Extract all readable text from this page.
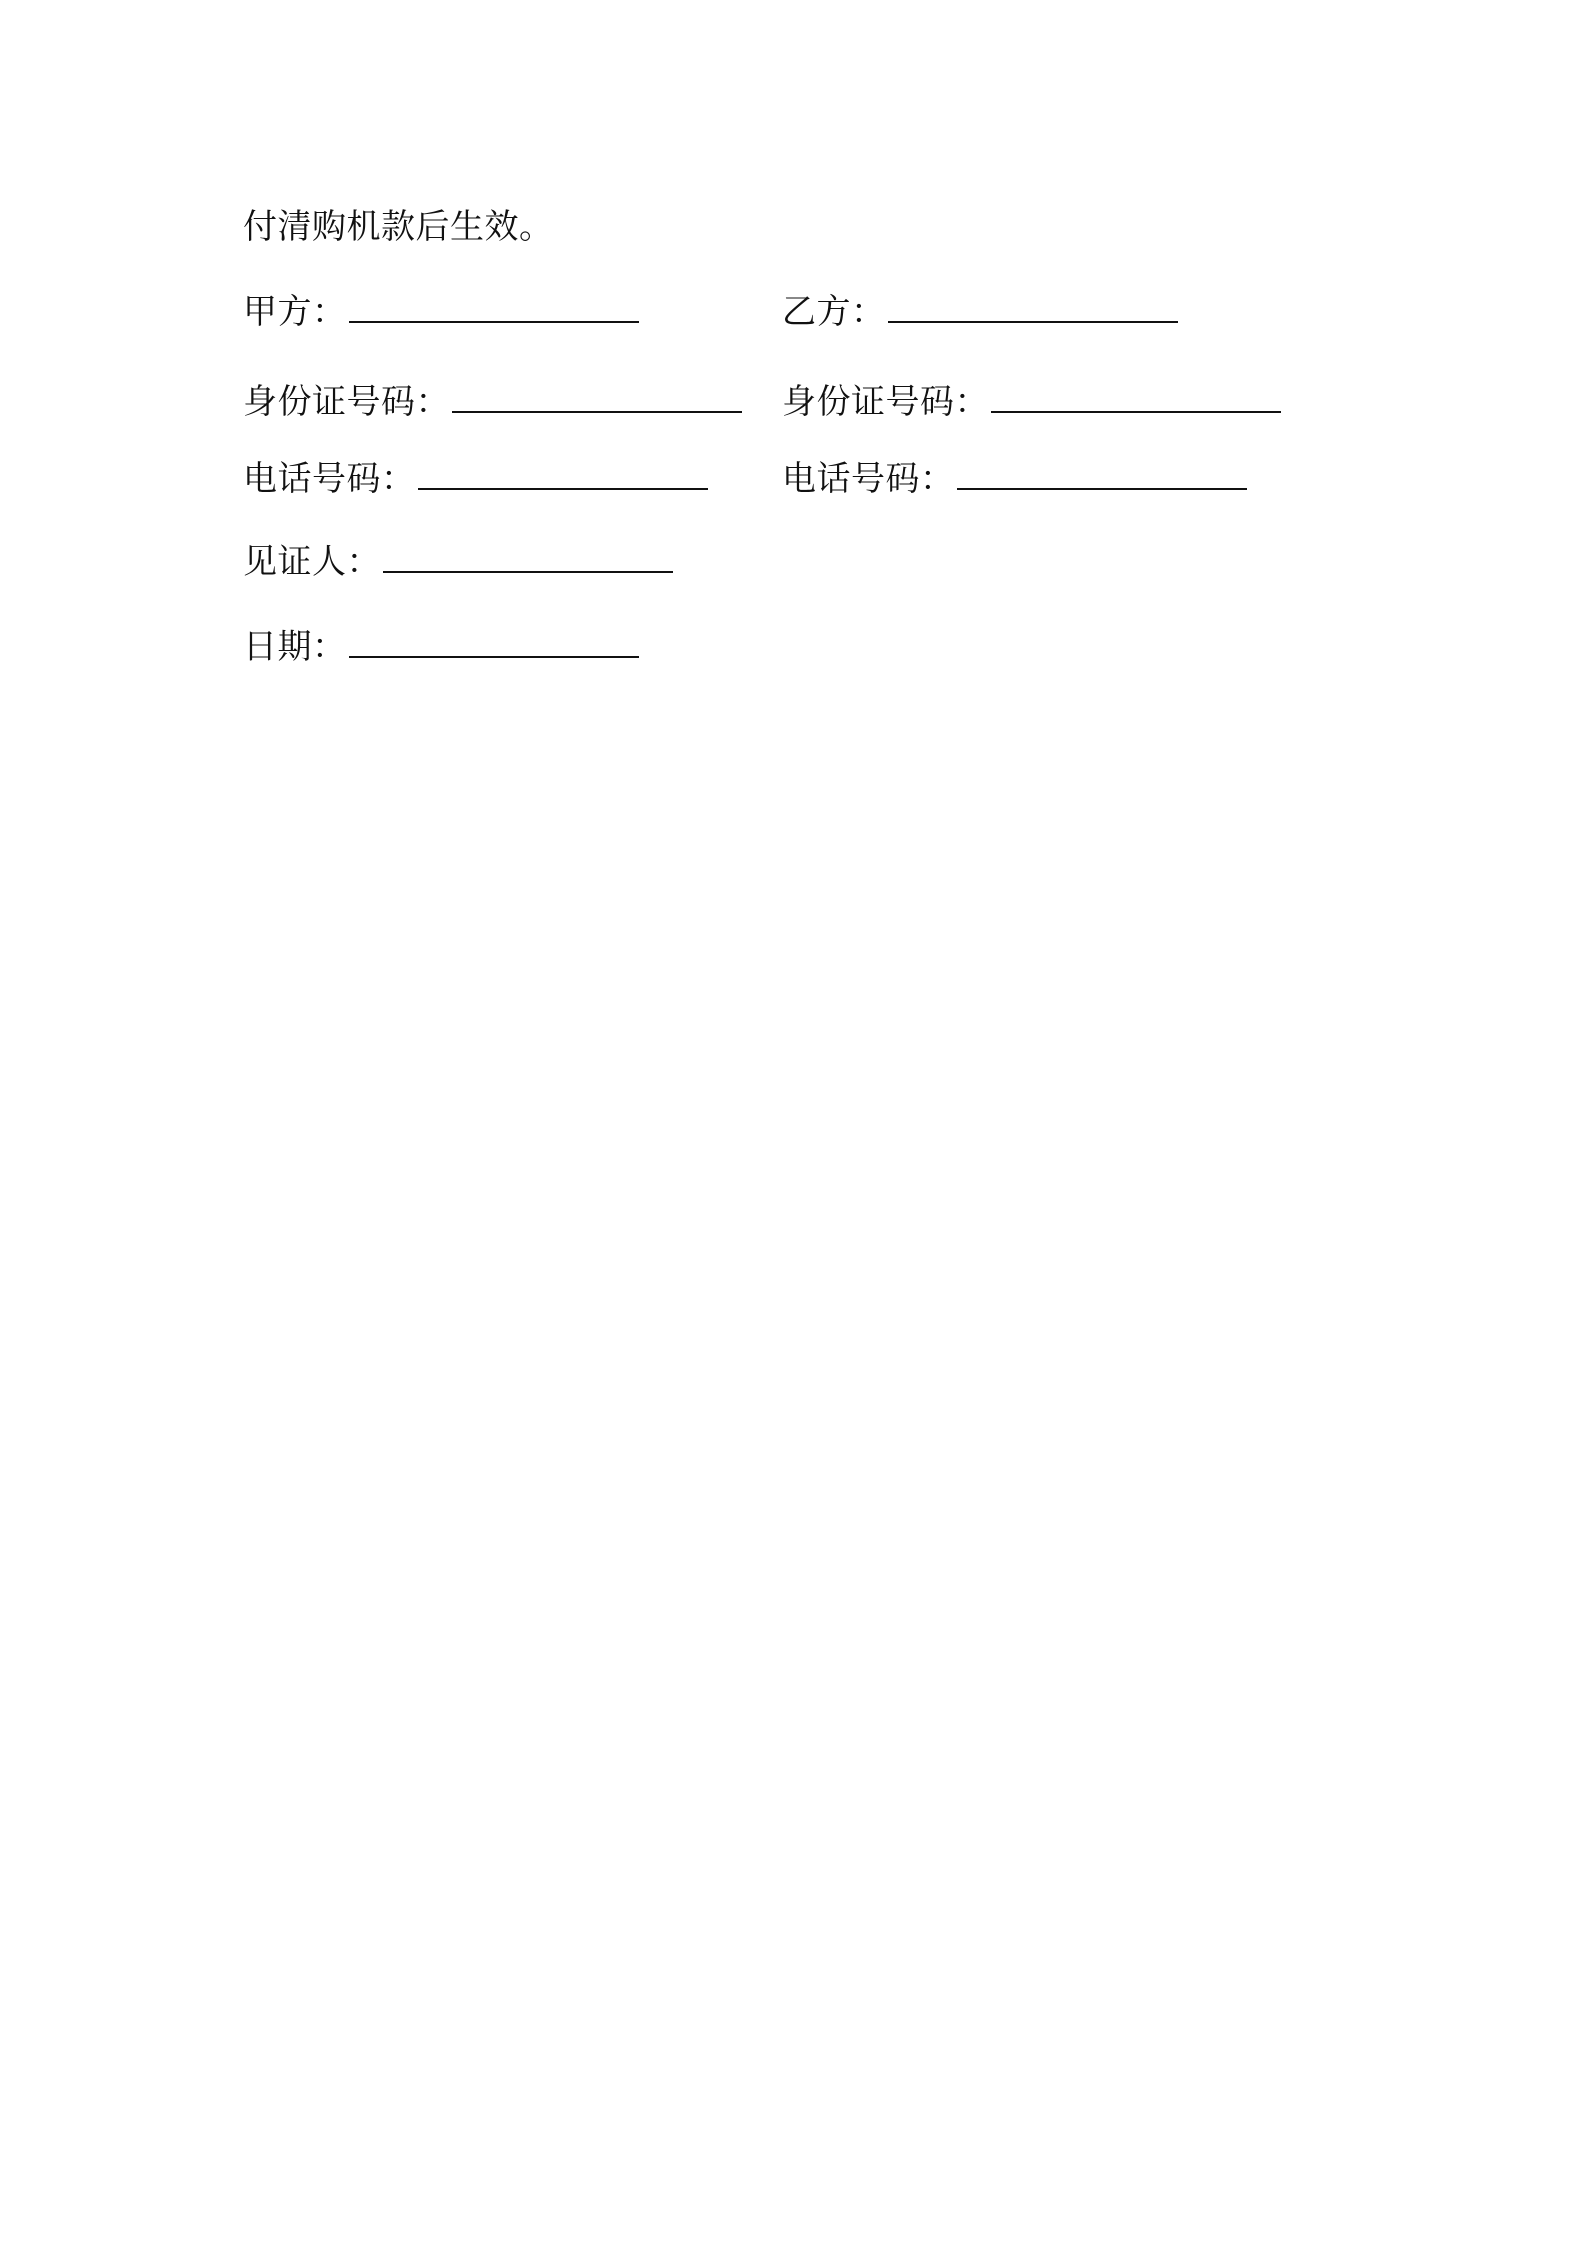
付清购机款后生效。
甲方：	乙方：
身份证号码：	身份证号码：
电话号码：	电话号码：
见证人：
日期：
